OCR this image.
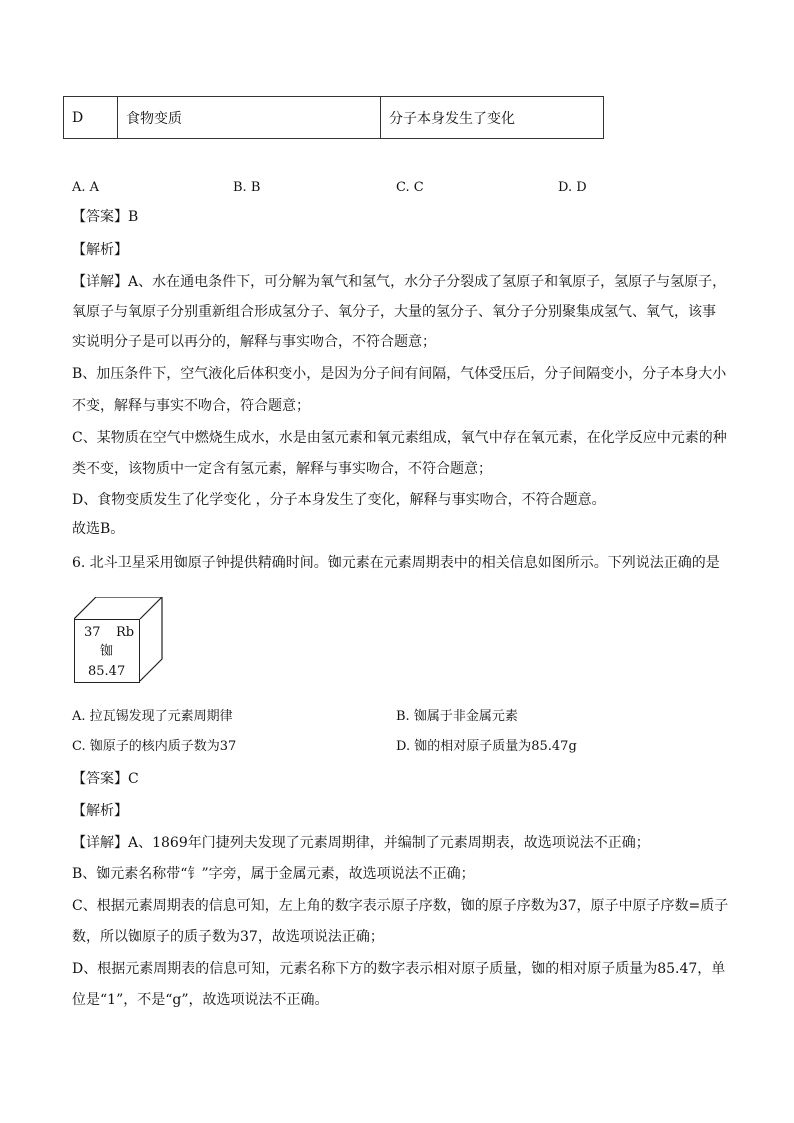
D	食物变质	分子本身发生了变化
A. A	B. B	C. C	D. D
【答案】B
【解析】
【详解】A、水在通电条件下，可分解为氧气和氢气，水分子分裂成了氢原子和氧原子，氢原子与氢原子，
氧原子与氧原子分别重新组合形成氢分子、氧分子，大量的氢分子、氧分子分别聚集成氢气、氧气，该事
实说明分子是可以再分的，解释与事实吻合，不符合题意；
B、加压条件下，空气液化后体积变小，是因为分子间有间隔，气体受压后，分子间隔变小，分子本身大小
不变，解释与事实不吻合，符合题意；
C、某物质在空气中燃烧生成水，水是由氢元素和氧元素组成，氧气中存在氧元素，在化学反应中元素的种
类不变，该物质中一定含有氢元素，解释与事实吻合，不符合题意；
D、食物变质发生了化学变化 ，分子本身发生了变化，解释与事实吻合，不符合题意。
故选B。
6. 北斗卫星采用铷原子钟提供精确时间。铷元素在元素周期表中的相关信息如图所示。下列说法正确的是
37 Rb
铷
85.47
A. 拉瓦锡发现了元素周期律	B. 铷属于非金属元素
C. 铷原子的核内质子数为37	D. 铷的相对原子质量为85.47g
【答案】C
【解析】
【详解】A、1869年门捷列夫发现了元素周期律，并编制了元素周期表，故选项说法不正确；
B、铷元素名称带“钅”字旁，属于金属元素，故选项说法不正确；
C、根据元素周期表的信息可知，左上角的数字表示原子序数，铷的原子序数为37，原子中原子序数=质子
数，所以铷原子的质子数为37，故选项说法正确；
D、根据元素周期表的信息可知，元素名称下方的数字表示相对原子质量，铷的相对原子质量为85.47，单
位是“1”，不是“g”，故选项说法不正确。
